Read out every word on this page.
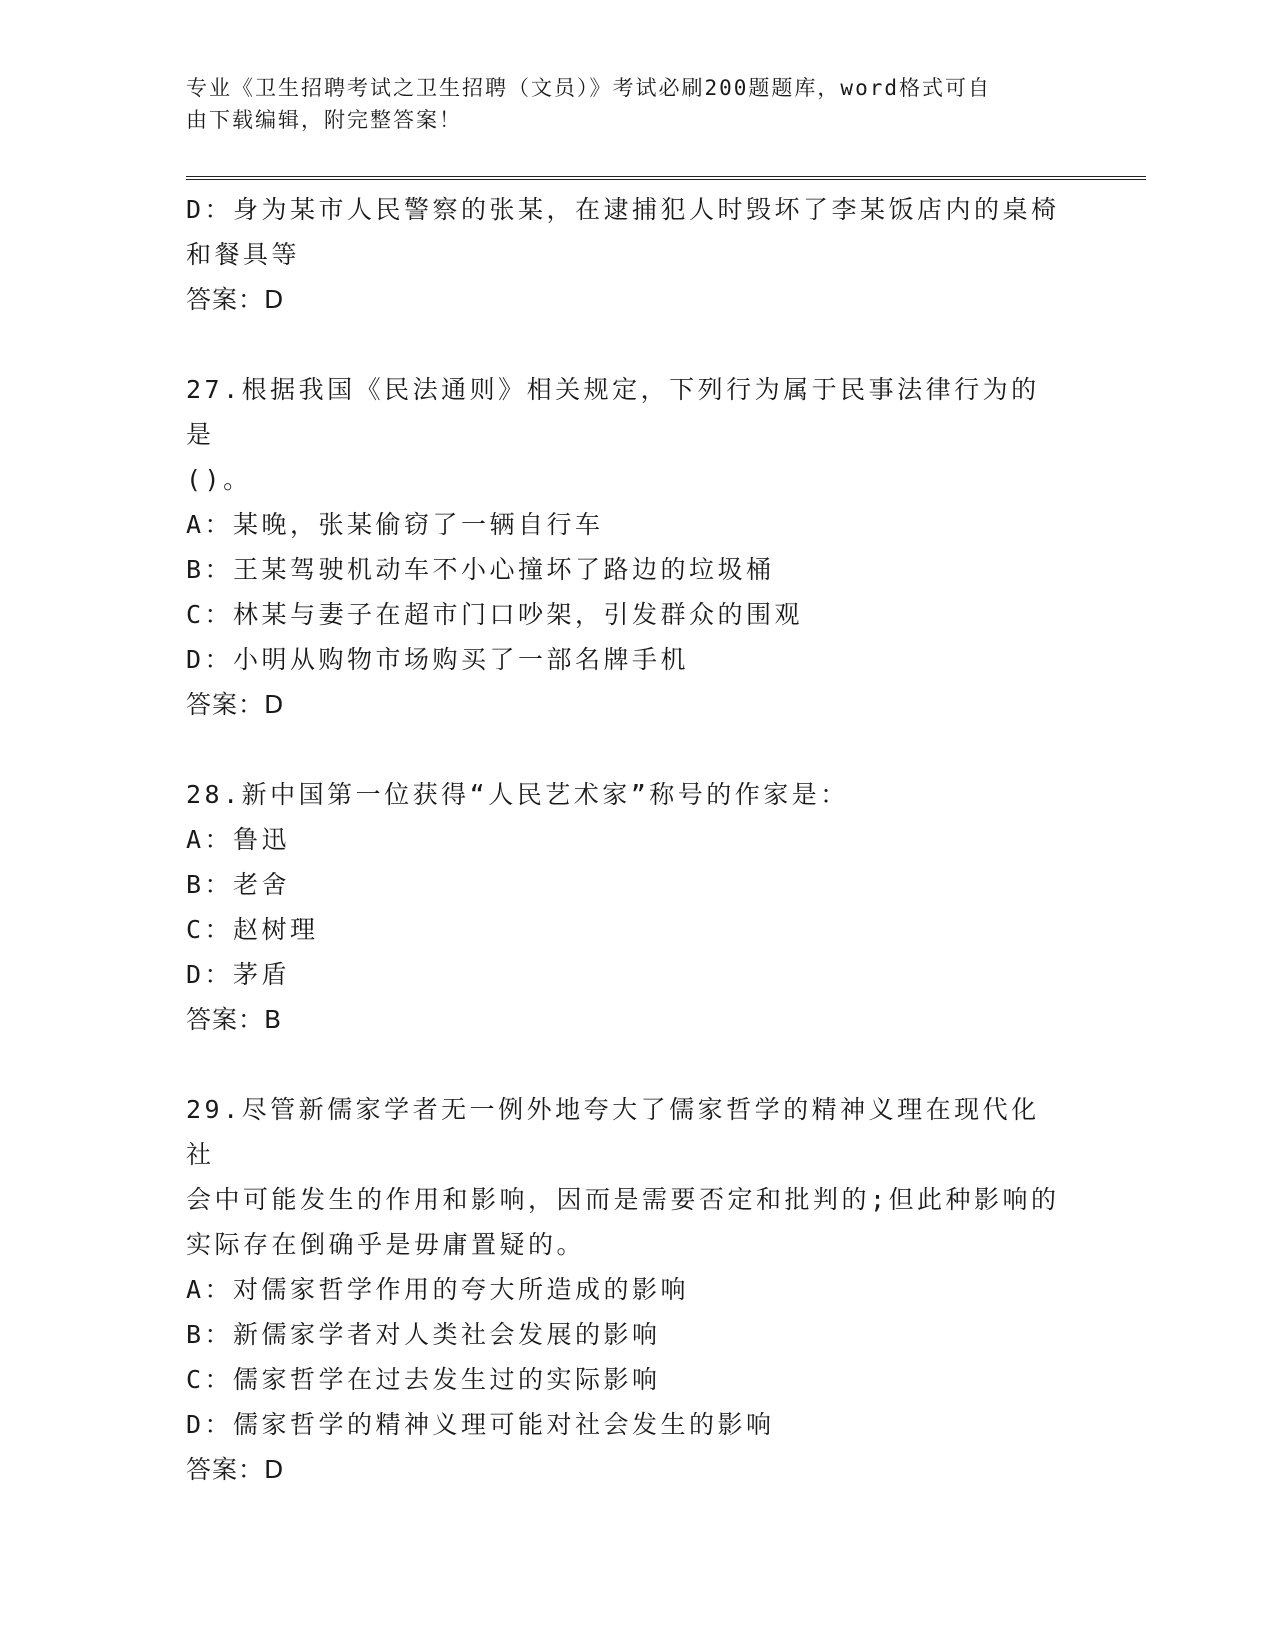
专业《卫生招聘考试之卫生招聘（文员）》考试必刷200题题库，word格式可自

由下载编辑，附完整答案！

D：身为某市人民警察的张某，在逮捕犯人时毁坏了李某饭店内的桌椅

和餐具等

答案：D

27.根据我国《民法通则》相关规定，下列行为属于民事法律行为的是

()。

A：某晚，张某偷窃了一辆自行车

B：王某驾驶机动车不小心撞坏了路边的垃圾桶

C：林某与妻子在超市门口吵架，引发群众的围观

D：小明从购物市场购买了一部名牌手机

答案：D

28.新中国第一位获得“人民艺术家”称号的作家是：

A：鲁迅

B：老舍

C：赵树理

D：茅盾

答案：B

29.尽管新儒家学者无一例外地夸大了儒家哲学的精神义理在现代化社

会中可能发生的作用和影响，因而是需要否定和批判的;但此种影响的

实际存在倒确乎是毋庸置疑的。

A：对儒家哲学作用的夸大所造成的影响

B：新儒家学者对人类社会发展的影响

C：儒家哲学在过去发生过的实际影响

D：儒家哲学的精神义理可能对社会发生的影响

答案：D
